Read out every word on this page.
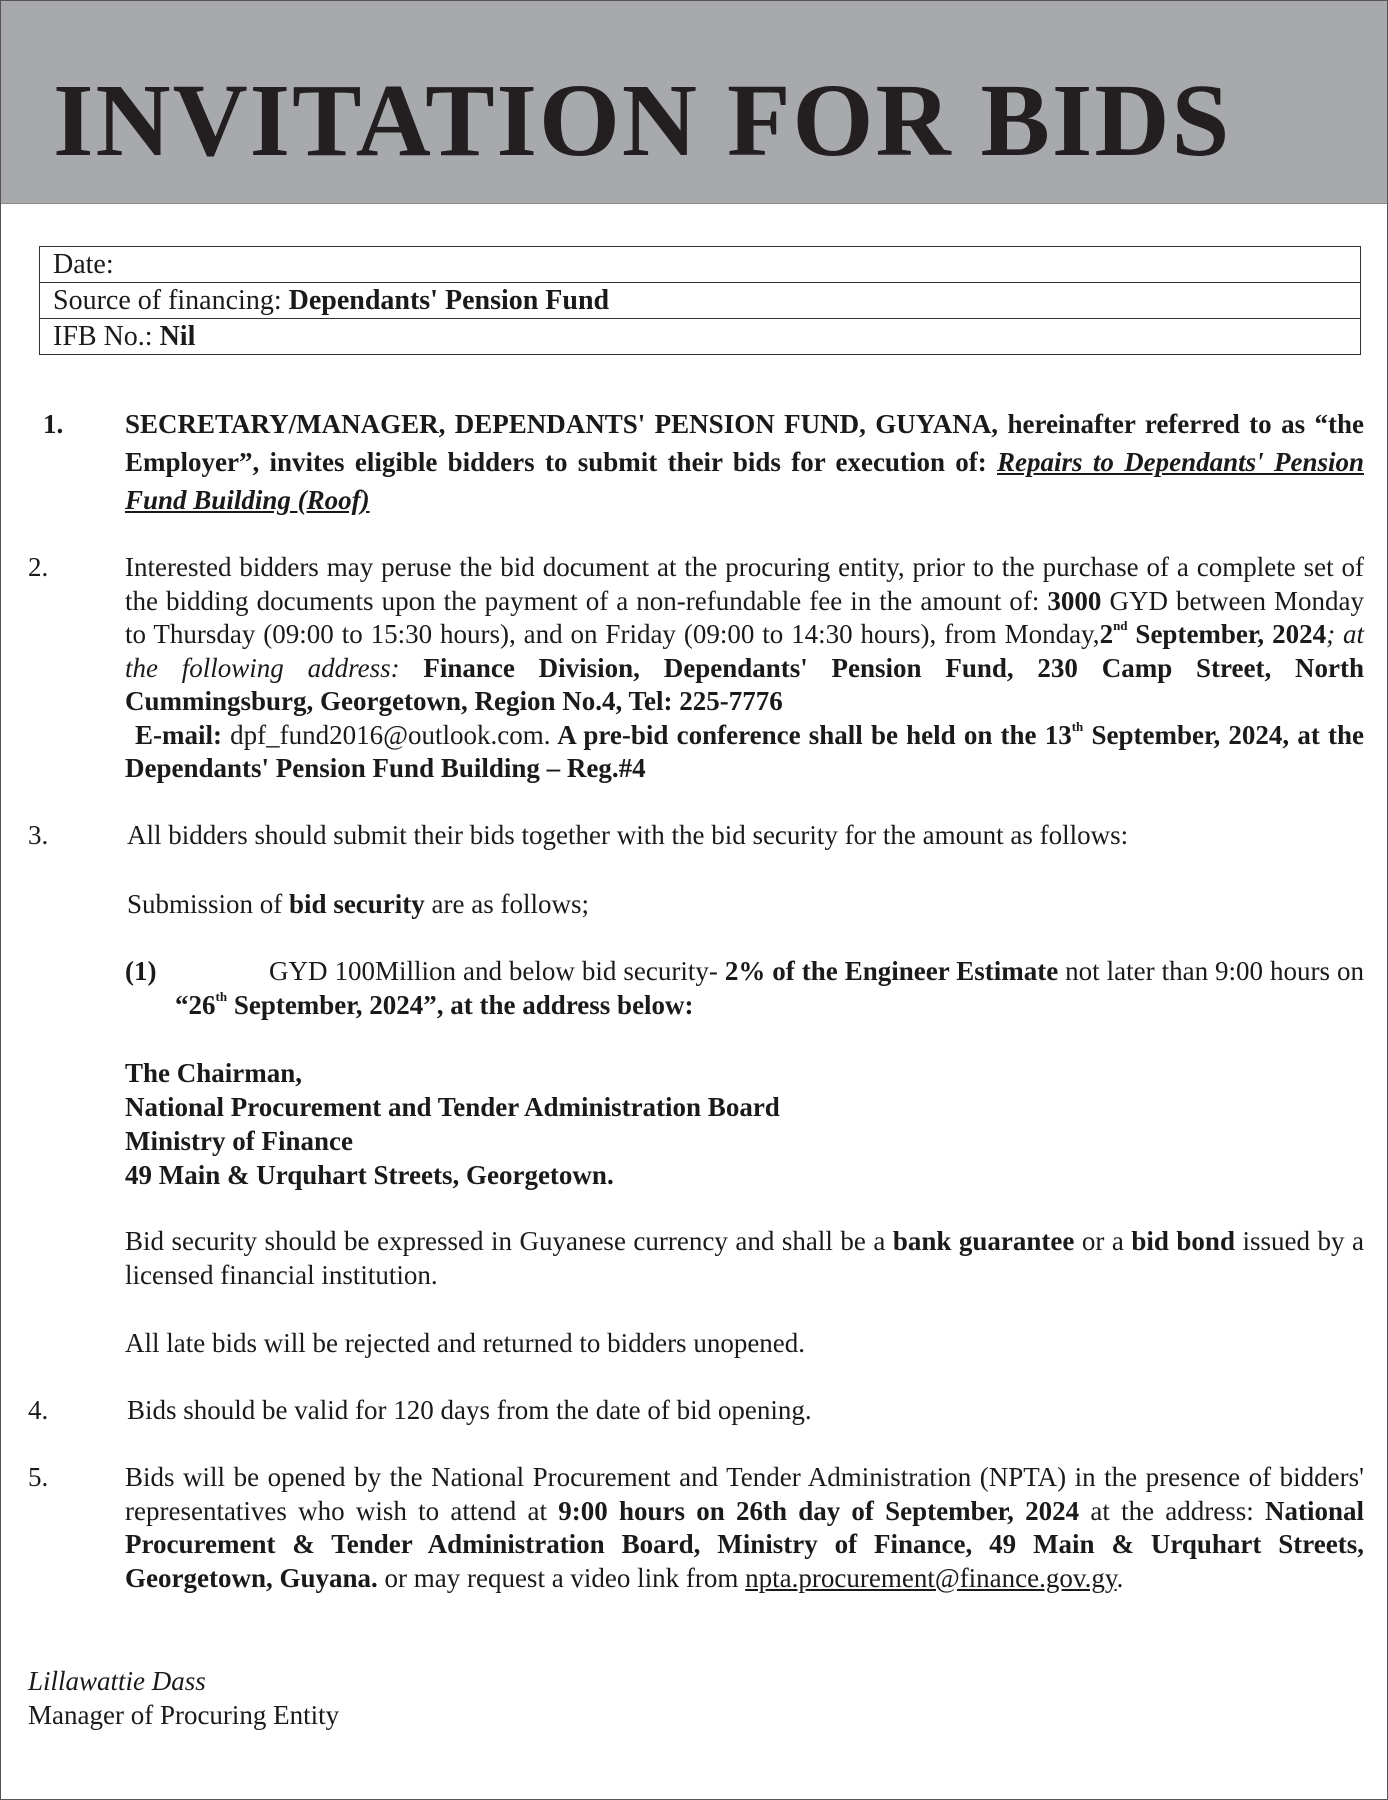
INVITATION FOR BIDS
Date:
Source of financing: Dependants' Pension Fund
IFB No.: Nil
1. SECRETARY/MANAGER, DEPENDANTS' PENSION FUND, GUYANA, hereinafter referred to as “the Employer”, invites eligible bidders to submit their bids for execution of: Repairs to Dependants' Pension Fund Building (Roof)
2.	Interested bidders may peruse the bid document at the procuring entity, prior to the purchase of a complete set of the bidding documents upon the payment of a non-refundable fee in the amount of: 3000 GYD between Monday to Thursday (09:00 to 15:30 hours), and on Friday (09:00 to 14:30 hours), from Monday,2nd September, 2024; at the following address: Finance Division, Dependants' Pension Fund, 230 Camp Street, North Cummingsburg, Georgetown, Region No.4, Tel: 225-7776
E-mail: dpf_fund2016@outlook.com. A pre-bid conference shall be held on the 13th September, 2024, at the Dependants' Pension Fund Building – Reg.#4
3.	All bidders should submit their bids together with the bid security for the amount as follows:
Submission of bid security are as follows;
(1)	GYD 100Million and below bid security- 2% of the Engineer Estimate not later than 9:00 hours on “26th September, 2024”, at the address below:
The Chairman,
National Procurement and Tender Administration Board
Ministry of Finance
49 Main & Urquhart Streets, Georgetown.
Bid security should be expressed in Guyanese currency and shall be a bank guarantee or a bid bond issued by a licensed financial institution.
All late bids will be rejected and returned to bidders unopened.
4.	Bids should be valid for 120 days from the date of bid opening.
5.	Bids will be opened by the National Procurement and Tender Administration (NPTA) in the presence of bidders' representatives who wish to attend at 9:00 hours on 26th day of September, 2024 at the address: National Procurement & Tender Administration Board, Ministry of Finance, 49 Main & Urquhart Streets, Georgetown, Guyana. or may request a video link from npta.procurement@finance.gov.gy.
Lillawattie Dass
Manager of Procuring Entity
